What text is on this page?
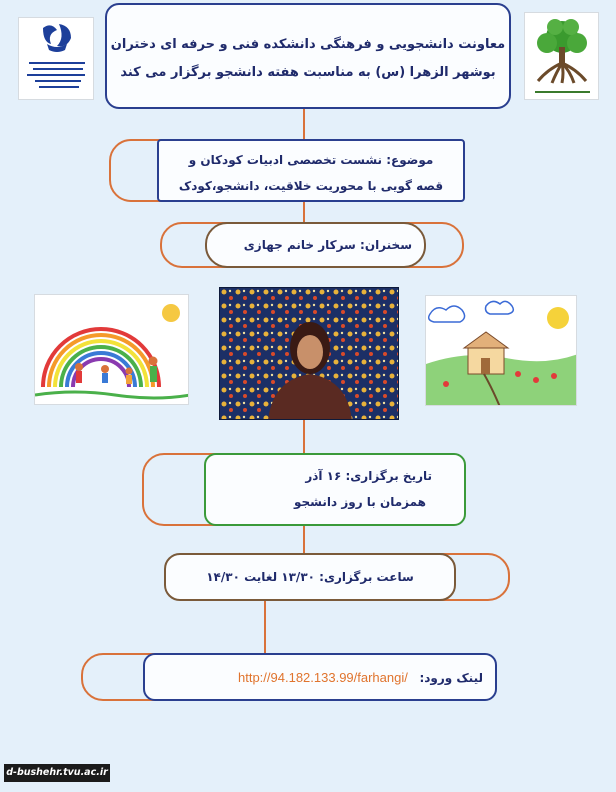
معاونت دانشجویی و فرهنگی دانشکده فنی و حرفه ای دختران
بوشهر الزهرا (س) به مناسبت هفته دانشجو برگزار می کند
موضوع: نشست تخصصی ادبیات کودکان و
قصه گویی با محوریت خلاقیت، دانشجو،کودک
سخنران: سرکار خانم جهازی
تاریخ برگزاری: ۱۶ آذر
همزمان با روز دانشجو
ساعت برگزاری: ۱۳/۳۰ لغایت ۱۴/۳۰
لینک ورود: http://94.182.133.99/farhangi/
d-bushehr.tvu.ac.ir
